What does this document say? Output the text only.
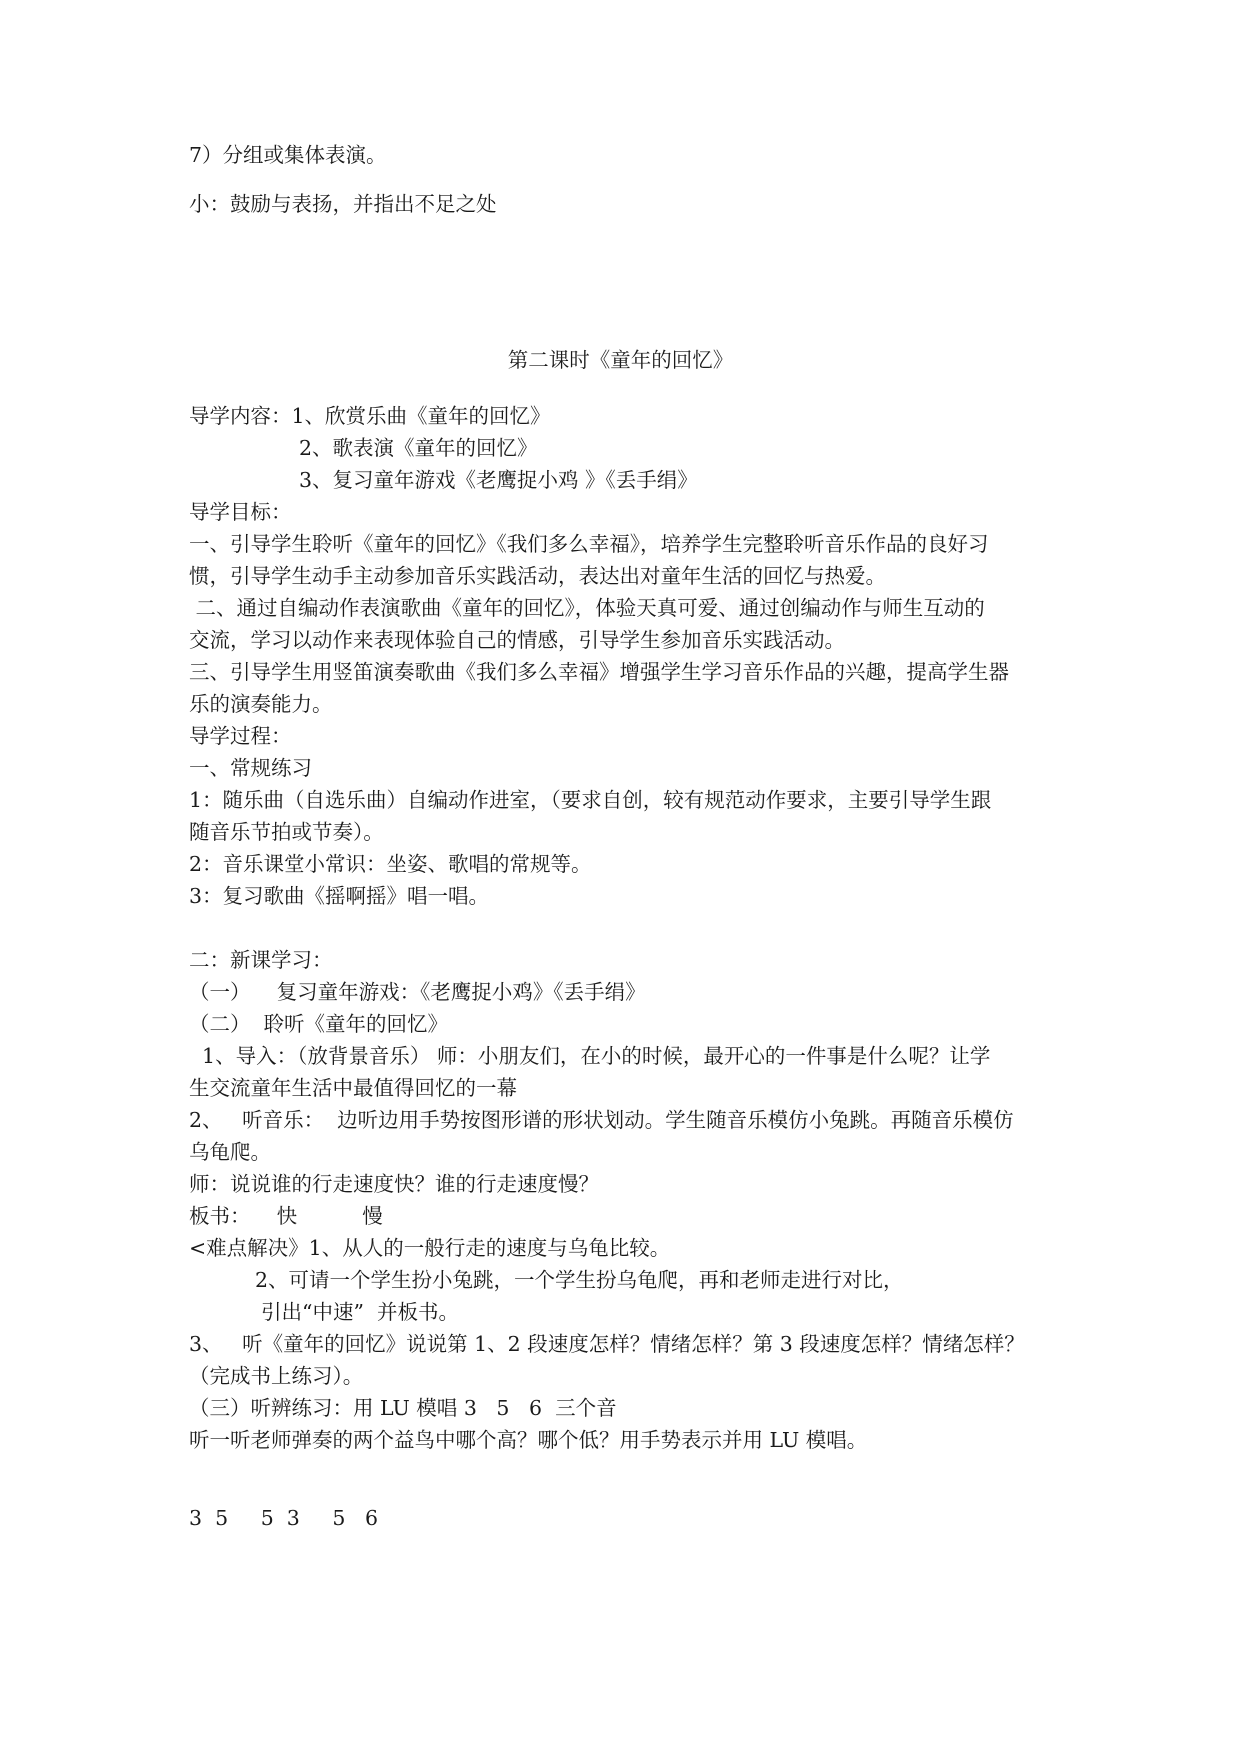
7）分组或集体表演。
小：鼓励与表扬，并指出不足之处
第二课时《童年的回忆》
导学内容：1、欣赏乐曲《童年的回忆》
2、歌表演《童年的回忆》
3、复习童年游戏《老鹰捉小鸡 》《丢手绢》
导学目标：
一、引导学生聆听《童年的回忆》《我们多么幸福》，培养学生完整聆听音乐作品的良好习
惯，引导学生动手主动参加音乐实践活动，表达出对童年生活的回忆与热爱。
二、通过自编动作表演歌曲《童年的回忆》，体验天真可爱、通过创编动作与师生互动的
交流，学习以动作来表现体验自己的情感，引导学生参加音乐实践活动。
三、引导学生用竖笛演奏歌曲《我们多么幸福》增强学生学习音乐作品的兴趣，提高学生器
乐的演奏能力。
导学过程：
一、常规练习
1：随乐曲（自选乐曲）自编动作进室，（要求自创，较有规范动作要求，主要引导学生跟
随音乐节拍或节奏）。
2：音乐课堂小常识：坐姿、歌唱的常规等。
3：复习歌曲《摇啊摇》唱一唱。
二：新课学习：
（一）    复习童年游戏：《老鹰捉小鸡》《丢手绢》
（二）  聆听《童年的回忆》
1、导入：（放背景音乐） 师：小朋友们，在小的时候，最开心的一件事是什么呢？让学
生交流童年生活中最值得回忆的一幕
2、   听音乐：  边听边用手势按图形谱的形状划动。学生随音乐模仿小兔跳。再随音乐模仿
乌龟爬。
师：说说谁的行走速度快？谁的行走速度慢？
板书：    快          慢
<难点解决》1、从人的一般行走的速度与乌龟比较。
2、可请一个学生扮小兔跳，一个学生扮乌龟爬，再和老师走进行对比，
引出“中速”  并板书。
3、   听《童年的回忆》说说第 1、2 段速度怎样？情绪怎样？第 3 段速度怎样？情绪怎样？
（完成书上练习）。
（三）听辨练习：用 LU 模唱 3   5   6  三个音
听一听老师弹奏的两个益鸟中哪个高？哪个低？用手势表示并用 LU 模唱。
3  5     5  3     5   6
